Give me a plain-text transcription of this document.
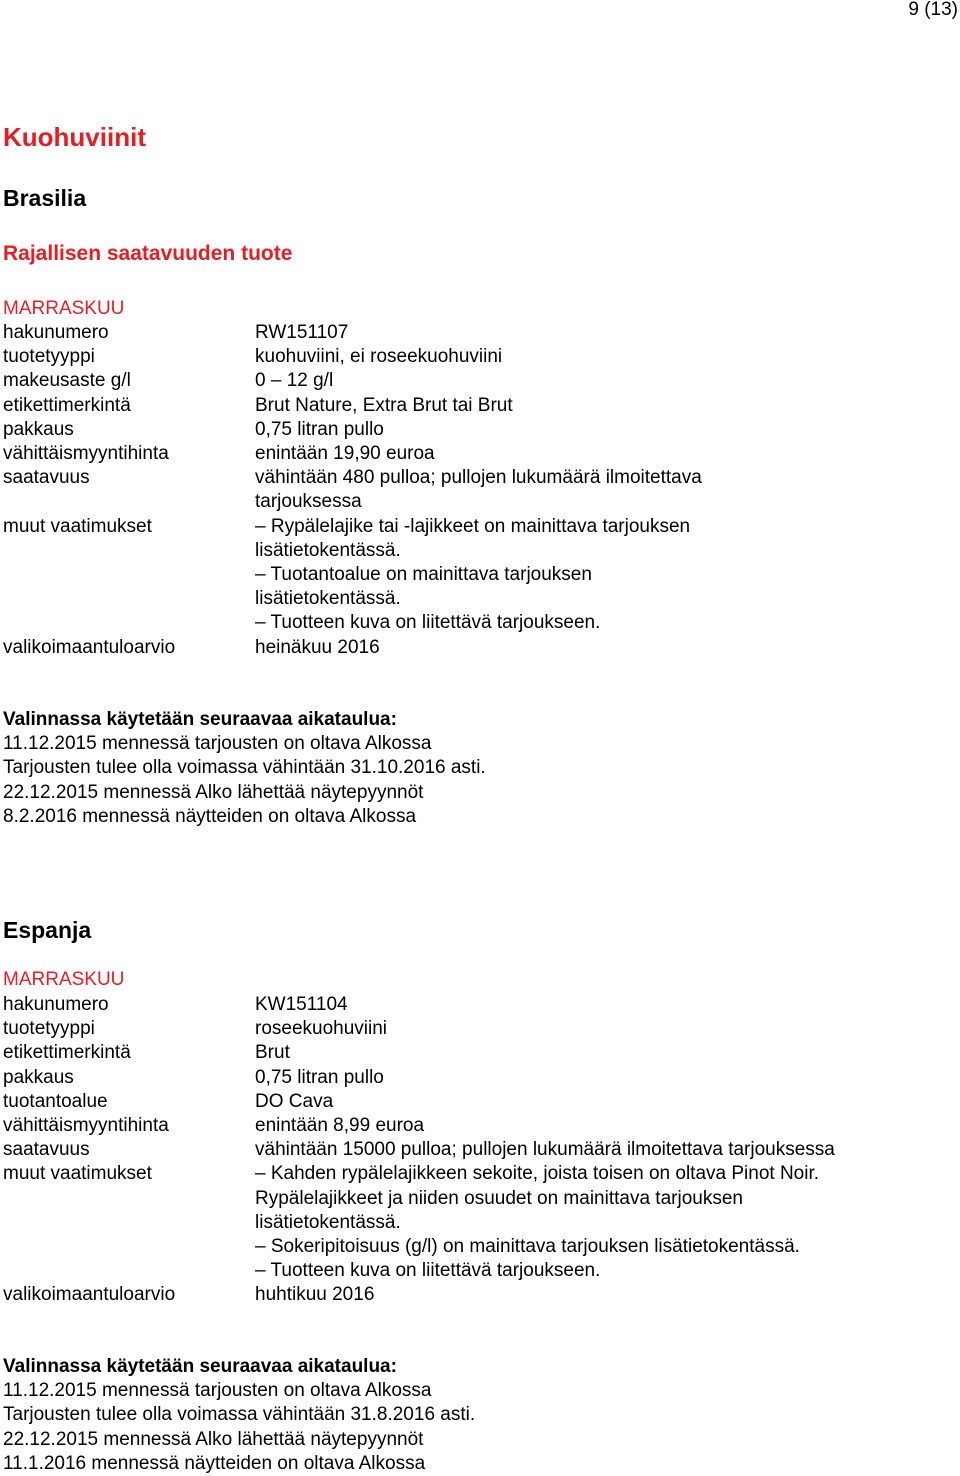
9 (13)
Kuohuviinit
Brasilia
Rajallisen saatavuuden tuote
MARRASKUU
hakunumero	RW151107
tuotetyyppi	kuohuviini, ei roseekuohuviini
makeusaste g/l	0 – 12 g/l
etikettimerkintä	Brut Nature, Extra Brut tai Brut
pakkaus	0,75 litran pullo
vähittäismyyntihinta	enintään 19,90 euroa
saatavuus	vähintään 480 pulloa; pullojen lukumäärä ilmoitettava
tarjouksessa
muut vaatimukset	– Rypälelajike tai -lajikkeet on mainittava tarjouksen
lisätietokentässä.
– Tuotantoalue on mainittava tarjouksen
lisätietokentässä.
– Tuotteen kuva on liitettävä tarjoukseen.
valikoimaantuloarvio	heinäkuu 2016
Valinnassa käytetään seuraavaa aikataulua:
11.12.2015 mennessä tarjousten on oltava Alkossa
Tarjousten tulee olla voimassa vähintään 31.10.2016 asti.
22.12.2015 mennessä Alko lähettää näytepyynnöt
8.2.2016 mennessä näytteiden on oltava Alkossa
Espanja
MARRASKUU
hakunumero	KW151104
tuotetyyppi	roseekuohuviini
etikettimerkintä	Brut
pakkaus	0,75 litran pullo
tuotantoalue	DO Cava
vähittäismyyntihinta	enintään 8,99 euroa
saatavuus	vähintään 15000 pulloa; pullojen lukumäärä ilmoitettava tarjouksessa
muut vaatimukset	– Kahden rypälelajikkeen sekoite, joista toisen on oltava Pinot Noir.
Rypälelajikkeet ja niiden osuudet on mainittava tarjouksen
lisätietokentässä.
– Sokeripitoisuus (g/l) on mainittava tarjouksen lisätietokentässä.
– Tuotteen kuva on liitettävä tarjoukseen.
valikoimaantuloarvio	huhtikuu 2016
Valinnassa käytetään seuraavaa aikataulua:
11.12.2015 mennessä tarjousten on oltava Alkossa
Tarjousten tulee olla voimassa vähintään 31.8.2016 asti.
22.12.2015 mennessä Alko lähettää näytepyynnöt
11.1.2016 mennessä näytteiden on oltava Alkossa
